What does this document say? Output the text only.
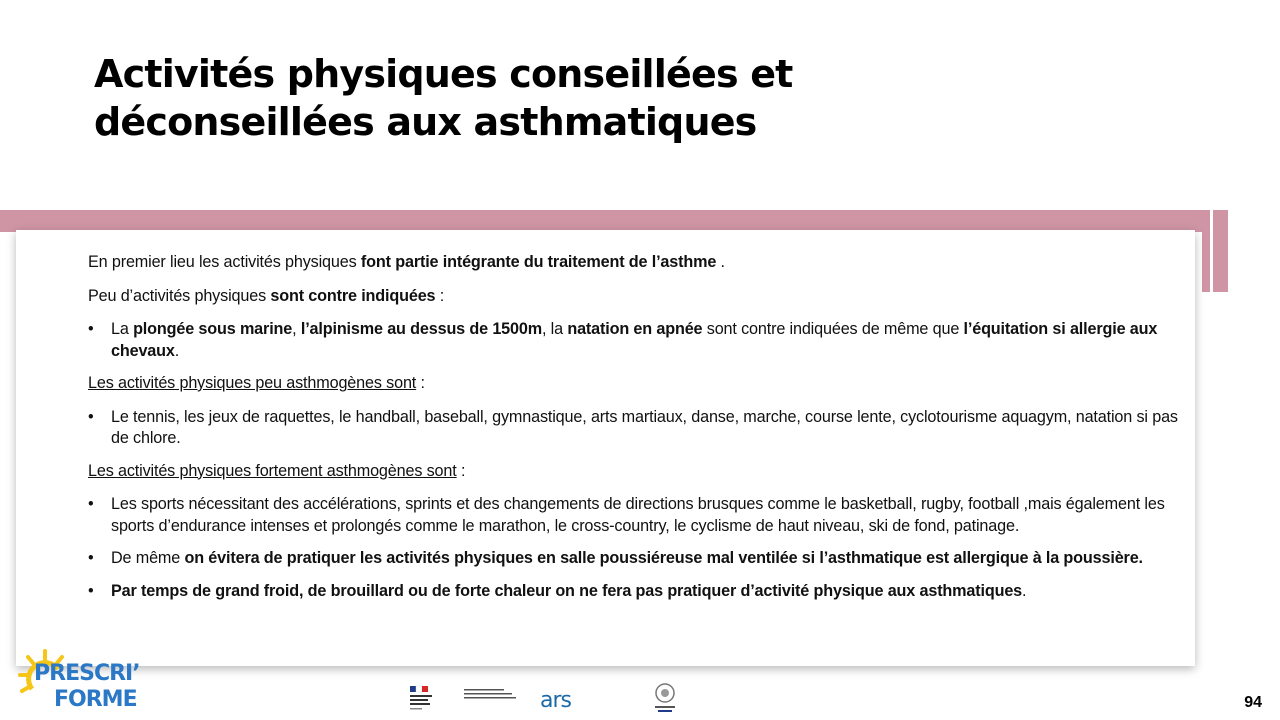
Activités physiques conseillées et
déconseillées aux asthmatiques

En premier lieu les activités physiques font partie intégrante du traitement de l’asthme .

Peu d’activités physiques sont contre indiquées :

• La plongée sous marine, l’alpinisme au dessus de 1500m, la natation en apnée sont contre indiquées de même que l’équitation si allergie aux chevaux.

Les activités physiques peu asthmogènes sont :

• Le tennis, les jeux de raquettes, le handball, baseball, gymnastique, arts martiaux, danse, marche, course lente, cyclotourisme aquagym, natation si pas de chlore.

Les activités physiques fortement asthmogènes sont :

• Les sports nécessitant des accélérations, sprints et des changements de directions brusques comme le basketball, rugby, football ,mais également les sports d’endurance intenses et prolongés comme le marathon, le cross-country, le cyclisme de haut niveau, ski de fond, patinage.
• De même on évitera de pratiquer les activités physiques en salle poussiéreuse mal ventilée si l’asthmatique est allergique à la poussière.
• Par temps de grand froid, de brouillard ou de forte chaleur on ne fera pas pratiquer d’activité physique aux asthmatiques.
PRESCRI’
FORME	ars	94
